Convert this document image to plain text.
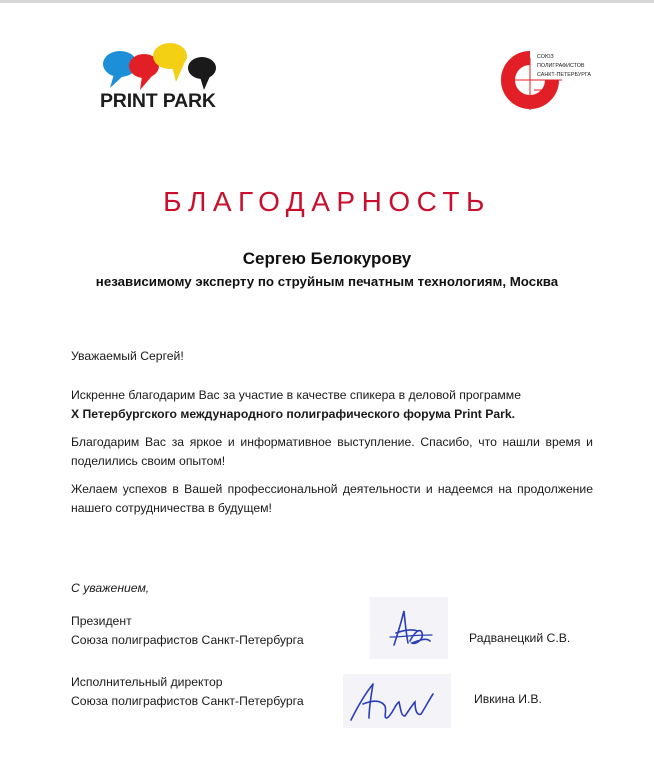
PRINT PARK
СОЮЗ
ПОЛИГРАФИСТОВ
САНКТ-ПЕТЕРБУРГА
БЛАГОДАРНОСТЬ
Сергею Белокурову
независимому эксперту по струйным печатным технологиям, Москва
Уважаемый Сергей!
Искренне благодарим Вас за участие в качестве спикера в деловой программе
X Петербургского международного полиграфического форума Print Park.
Благодарим Вас за яркое и информативное выступление. Спасибо, что нашли время и поделились своим опытом!
Желаем успехов в Вашей профессиональной деятельности и надеемся на продолжение нашего сотрудничества в будущем!
С уважением,
Президент
Союза полиграфистов Санкт-Петербурга	Радванецкий С.В.
Исполнительный директор
Союза полиграфистов Санкт-Петербурга	Ивкина И.В.
